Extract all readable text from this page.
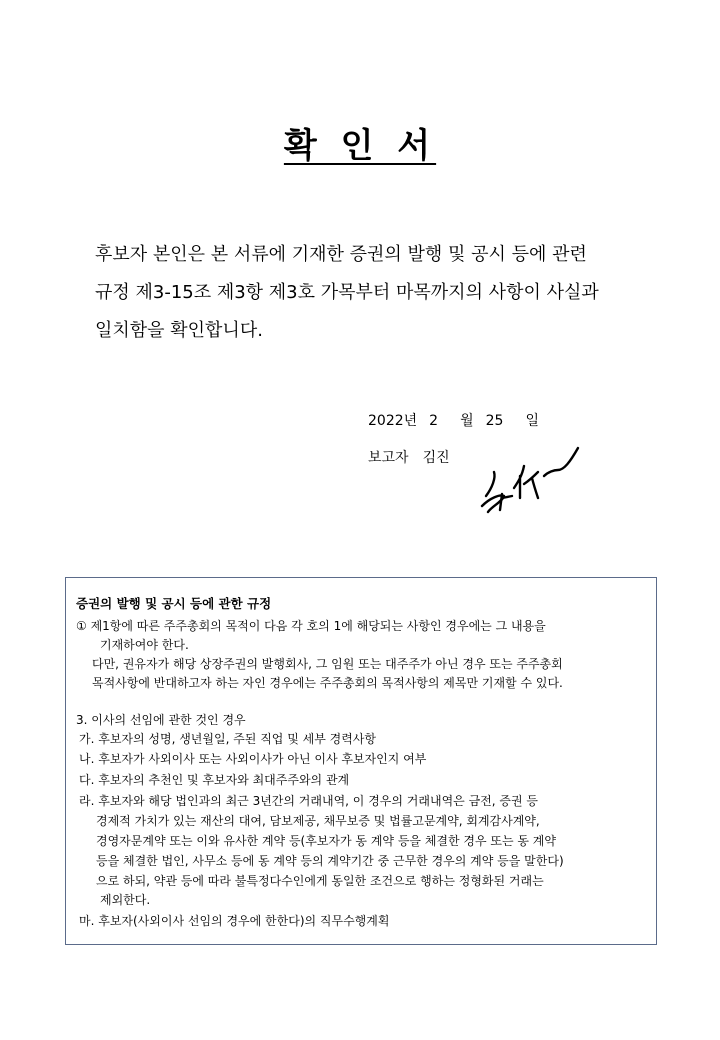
확 인 서
후보자 본인은 본 서류에 기재한 증권의 발행 및 공시 등에 관련
규정 제3-15조 제3항 제3호 가목부터 마목까지의 사항이 사실과
일치함을 확인합니다.
2022년 2 월 25 일
보고자 김진
증권의 발행 및 공시 등에 관한 규정
① 제1항에 따른 주주총회의 목적이 다음 각 호의 1에 해당되는 사항인 경우에는 그 내용을
기재하여야 한다.
다만, 권유자가 해당 상장주권의 발행회사, 그 임원 또는 대주주가 아닌 경우 또는 주주총회
목적사항에 반대하고자 하는 자인 경우에는 주주총회의 목적사항의 제목만 기재할 수 있다.
3. 이사의 선임에 관한 것인 경우
가. 후보자의 성명, 생년월일, 주된 직업 및 세부 경력사항
나. 후보자가 사외이사 또는 사외이사가 아닌 이사 후보자인지 여부
다. 후보자의 추천인 및 후보자와 최대주주와의 관계
라. 후보자와 해당 법인과의 최근 3년간의 거래내역, 이 경우의 거래내역은 금전, 증권 등
경제적 가치가 있는 재산의 대여, 담보제공, 채무보증 및 법률고문계약, 회계감사계약,
경영자문계약 또는 이와 유사한 계약 등(후보자가 동 계약 등을 체결한 경우 또는 동 계약
등을 체결한 법인, 사무소 등에 동 계약 등의 계약기간 중 근무한 경우의 계약 등을 말한다)
으로 하되, 약관 등에 따라 불특정다수인에게 동일한 조건으로 행하는 정형화된 거래는
제외한다.
마. 후보자(사외이사 선임의 경우에 한한다)의 직무수행계획
